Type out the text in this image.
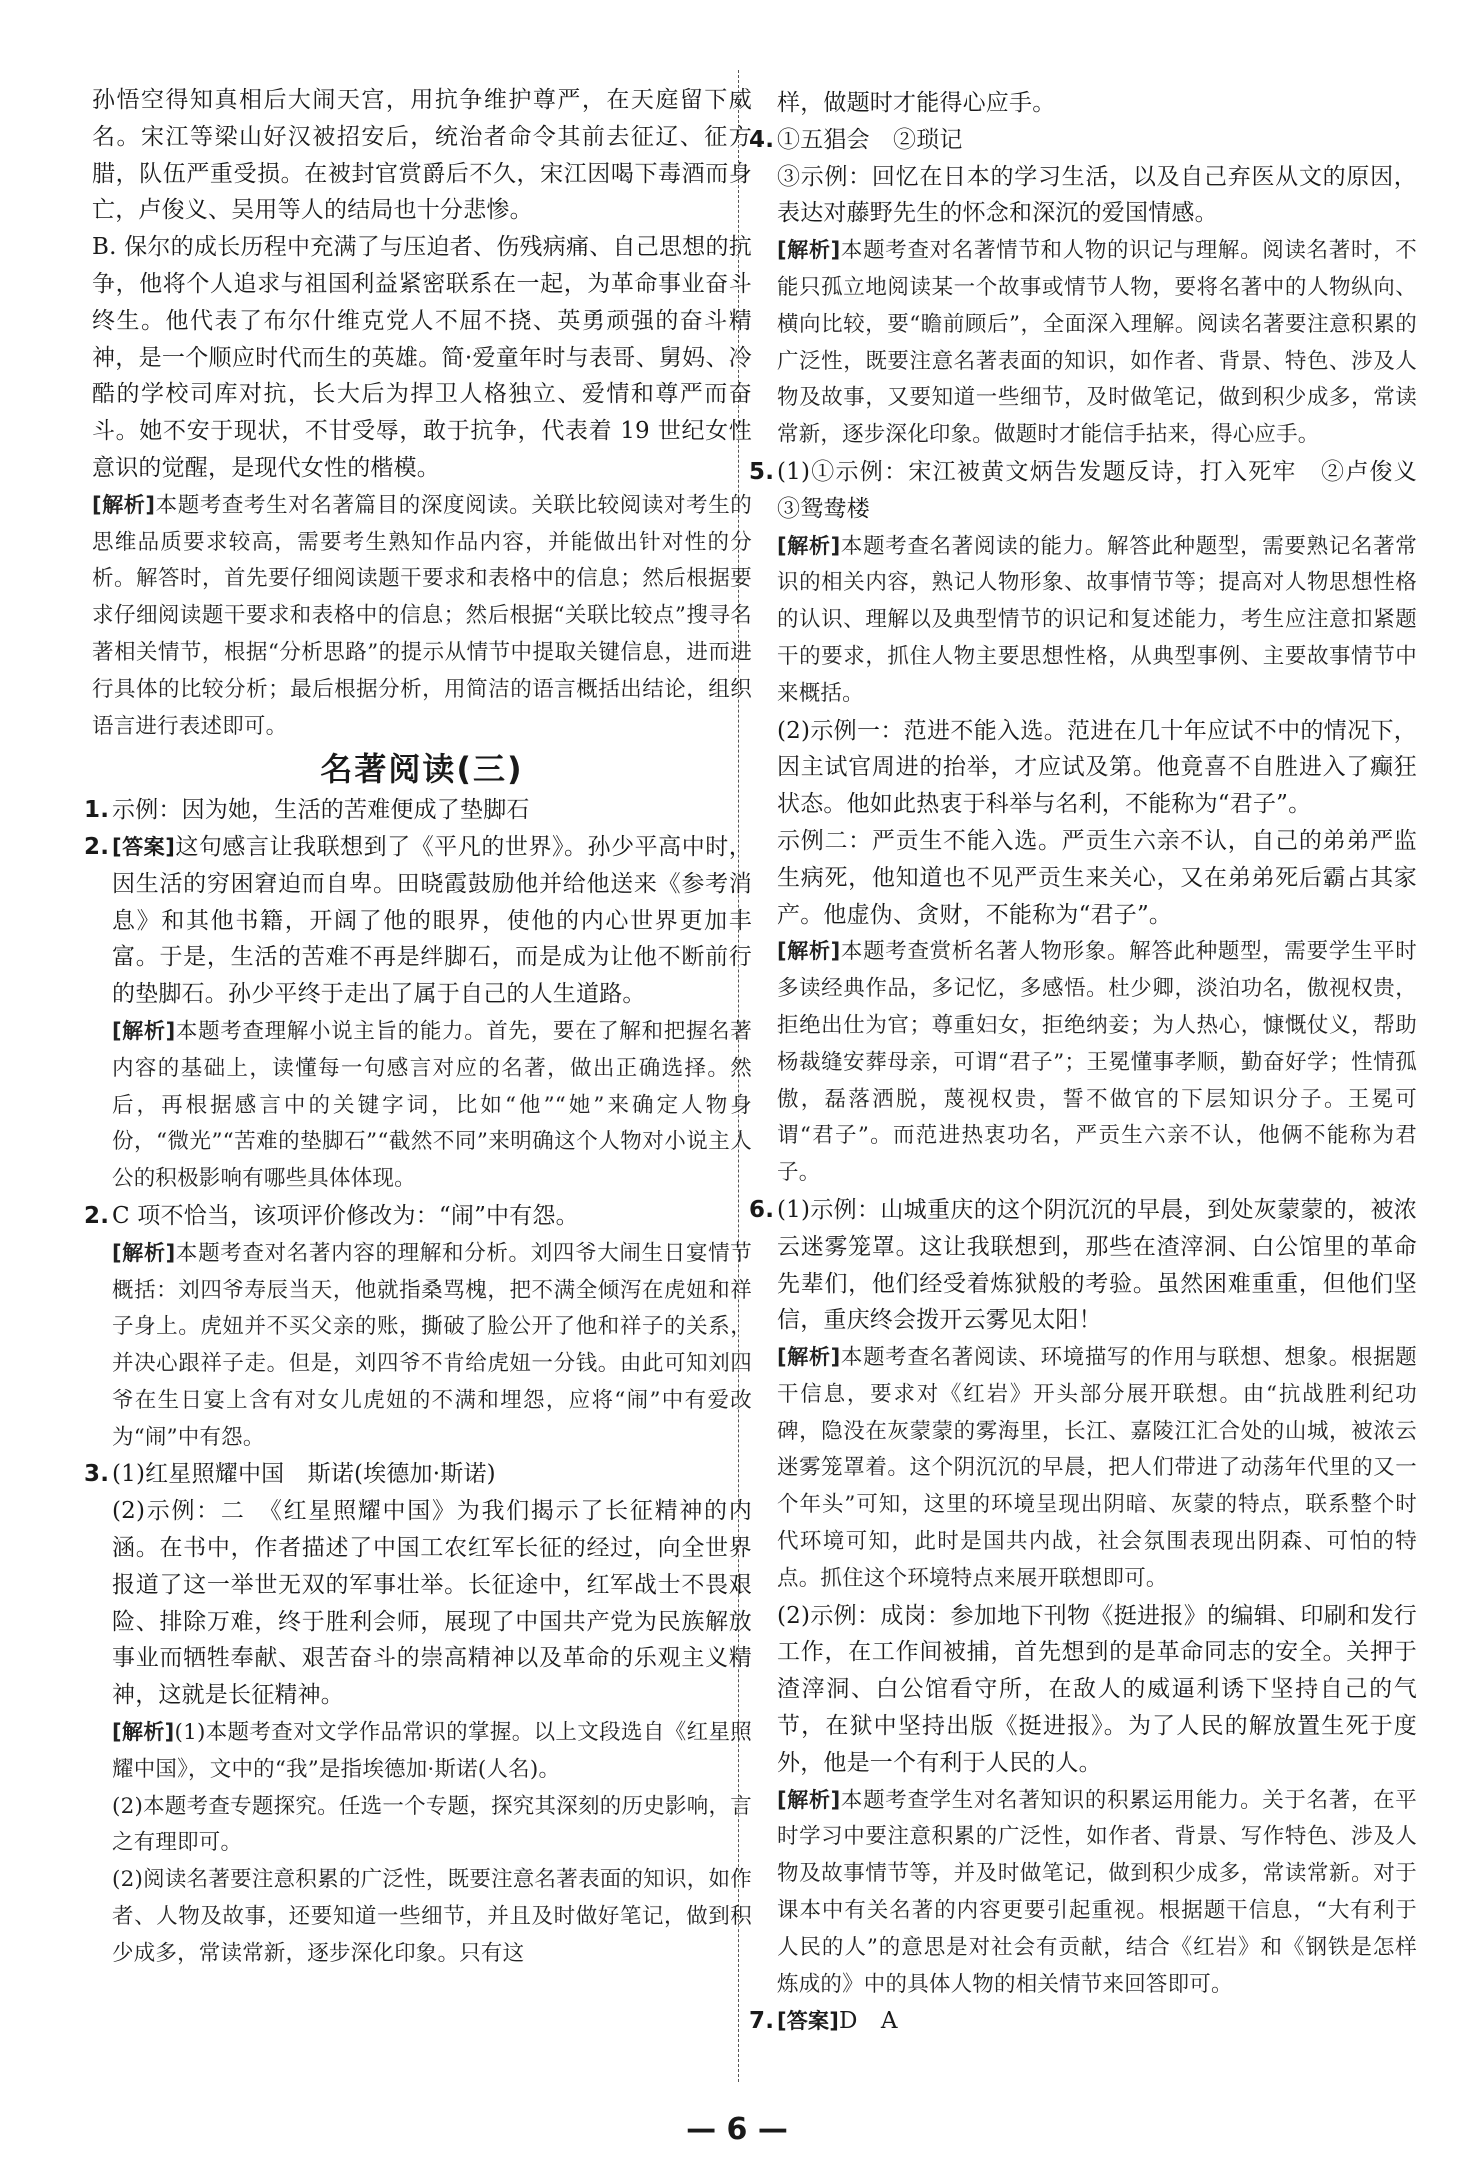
孙悟空得知真相后大闹天宫，用抗争维护尊严，在天庭留下威名。宋江等梁山好汉被招安后，统治者命令其前去征辽、征方腊，队伍严重受损。在被封官赏爵后不久，宋江因喝下毒酒而身亡，卢俊义、吴用等人的结局也十分悲惨。

B. 保尔的成长历程中充满了与压迫者、伤残病痛、自己思想的抗争，他将个人追求与祖国利益紧密联系在一起，为革命事业奋斗终生。他代表了布尔什维克党人不屈不挠、英勇顽强的奋斗精神，是一个顺应时代而生的英雄。简·爱童年时与表哥、舅妈、冷酷的学校司库对抗，长大后为捍卫人格独立、爱情和尊严而奋斗。她不安于现状，不甘受辱，敢于抗争，代表着 19 世纪女性意识的觉醒，是现代女性的楷模。

[解析]本题考查考生对名著篇目的深度阅读。关联比较阅读对考生的思维品质要求较高，需要考生熟知作品内容，并能做出针对性的分析。解答时，首先要仔细阅读题干要求和表格中的信息；然后根据要求仔细阅读题干要求和表格中的信息；然后根据“关联比较点”搜寻名著相关情节，根据“分析思路”的提示从情节中提取关键信息，进而进行具体的比较分析；最后根据分析，用简洁的语言概括出结论，组织语言进行表述即可。

名著阅读(三)

1. 示例：因为她，生活的苦难便成了垫脚石

2. [答案]这句感言让我联想到了《平凡的世界》。孙少平高中时，因生活的穷困窘迫而自卑。田晓霞鼓励他并给他送来《参考消息》和其他书籍，开阔了他的眼界，使他的内心世界更加丰富。于是，生活的苦难不再是绊脚石，而是成为让他不断前行的垫脚石。孙少平终于走出了属于自己的人生道路。

[解析]本题考查理解小说主旨的能力。首先，要在了解和把握名著内容的基础上，读懂每一句感言对应的名著，做出正确选择。然后，再根据感言中的关键字词，比如“他”“她”来确定人物身份，“微光”“苦难的垫脚石”“截然不同”来明确这个人物对小说主人公的积极影响有哪些具体体现。

2. C 项不恰当，该项评价修改为：“闹”中有怨。

[解析]本题考查对名著内容的理解和分析。刘四爷大闹生日宴情节概括：刘四爷寿辰当天，他就指桑骂槐，把不满全倾泻在虎妞和祥子身上。虎妞并不买父亲的账，撕破了脸公开了他和祥子的关系，并决心跟祥子走。但是，刘四爷不肯给虎妞一分钱。由此可知刘四爷在生日宴上含有对女儿虎妞的不满和埋怨，应将“闹”中有爱改为“闹”中有怨。

3. (1)红星照耀中国　斯诺(埃德加·斯诺)

(2)示例：二　《红星照耀中国》为我们揭示了长征精神的内涵。在书中，作者描述了中国工农红军长征的经过，向全世界报道了这一举世无双的军事壮举。长征途中，红军战士不畏艰险、排除万难，终于胜利会师，展现了中国共产党为民族解放事业而牺牲奉献、艰苦奋斗的崇高精神以及革命的乐观主义精神，这就是长征精神。

[解析](1)本题考查对文学作品常识的掌握。以上文段选自《红星照耀中国》，文中的“我”是指埃德加·斯诺(人名)。

(2)本题考查专题探究。任选一个专题，探究其深刻的历史影响，言之有理即可。

(2)阅读名著要注意积累的广泛性，既要注意名著表面的知识，如作者、人物及故事，还要知道一些细节，并且及时做好笔记，做到积少成多，常读常新，逐步深化印象。只有这

样，做题时才能得心应手。

4. ①五猖会　②琐记

③示例：回忆在日本的学习生活，以及自己弃医从文的原因，表达对藤野先生的怀念和深沉的爱国情感。

[解析]本题考查对名著情节和人物的识记与理解。阅读名著时，不能只孤立地阅读某一个故事或情节人物，要将名著中的人物纵向、横向比较，要“瞻前顾后”，全面深入理解。阅读名著要注意积累的广泛性，既要注意名著表面的知识，如作者、背景、特色、涉及人物及故事，又要知道一些细节，及时做笔记，做到积少成多，常读常新，逐步深化印象。做题时才能信手拈来，得心应手。

5. (1)①示例：宋江被黄文炳告发题反诗，打入死牢　②卢俊义　③鸳鸯楼

[解析]本题考查名著阅读的能力。解答此种题型，需要熟记名著常识的相关内容，熟记人物形象、故事情节等；提高对人物思想性格的认识、理解以及典型情节的识记和复述能力，考生应注意扣紧题干的要求，抓住人物主要思想性格，从典型事例、主要故事情节中来概括。

(2)示例一：范进不能入选。范进在几十年应试不中的情况下，因主试官周进的抬举，才应试及第。他竟喜不自胜进入了癫狂状态。他如此热衷于科举与名利，不能称为“君子”。

示例二：严贡生不能入选。严贡生六亲不认，自己的弟弟严监生病死，他知道也不见严贡生来关心，又在弟弟死后霸占其家产。他虚伪、贪财，不能称为“君子”。

[解析]本题考查赏析名著人物形象。解答此种题型，需要学生平时多读经典作品，多记忆，多感悟。杜少卿，淡泊功名，傲视权贵，拒绝出仕为官；尊重妇女，拒绝纳妾；为人热心，慷慨仗义，帮助杨裁缝安葬母亲，可谓“君子”；王冕懂事孝顺，勤奋好学；性情孤傲，磊落洒脱，蔑视权贵，誓不做官的下层知识分子。王冕可谓“君子”。而范进热衷功名，严贡生六亲不认，他俩不能称为君子。

6. (1)示例：山城重庆的这个阴沉沉的早晨，到处灰蒙蒙的，被浓云迷雾笼罩。这让我联想到，那些在渣滓洞、白公馆里的革命先辈们，他们经受着炼狱般的考验。虽然困难重重，但他们坚信，重庆终会拨开云雾见太阳！

[解析]本题考查名著阅读、环境描写的作用与联想、想象。根据题干信息，要求对《红岩》开头部分展开联想。由“抗战胜利纪功碑，隐没在灰蒙蒙的雾海里，长江、嘉陵江汇合处的山城，被浓云迷雾笼罩着。这个阴沉沉的早晨，把人们带进了动荡年代里的又一个年头”可知，这里的环境呈现出阴暗、灰蒙的特点，联系整个时代环境可知，此时是国共内战，社会氛围表现出阴森、可怕的特点。抓住这个环境特点来展开联想即可。

(2)示例：成岗：参加地下刊物《挺进报》的编辑、印刷和发行工作，在工作间被捕，首先想到的是革命同志的安全。关押于渣滓洞、白公馆看守所，在敌人的威逼利诱下坚持自己的气节，在狱中坚持出版《挺进报》。为了人民的解放置生死于度外，他是一个有利于人民的人。

[解析]本题考查学生对名著知识的积累运用能力。关于名著，在平时学习中要注意积累的广泛性，如作者、背景、写作特色、涉及人物及故事情节等，并及时做笔记，做到积少成多，常读常新。对于课本中有关名著的内容更要引起重视。根据题干信息，“大有利于人民的人”的意思是对社会有贡献，结合《红岩》和《钢铁是怎样炼成的》中的具体人物的相关情节来回答即可。

7. [答案]D　A

— 6 —
